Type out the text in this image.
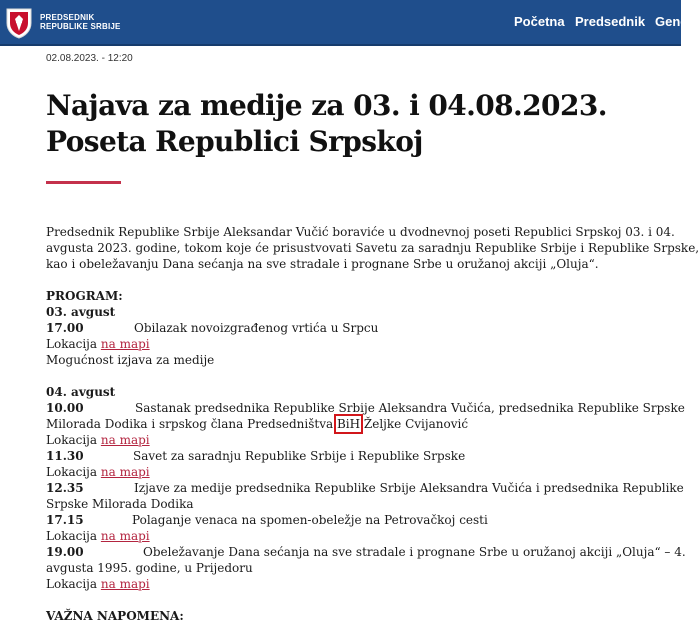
PREDSEDNIK
REPUBLIKE SRBIJE	Početna Predsednik Gene
02.08.2023. - 12:20
Najava za medije za 03. i 04.08.2023.
Poseta Republici Srpskoj
Predsednik Republike Srbije Aleksandar Vučić boraviće u dvodnevnoj poseti Republici Srpskoj 03. i 04.
avgusta 2023. godine, tokom koje će prisustvovati Savetu za saradnju Republike Srbije i Republike Srpske,
kao i obeležavanju Dana sećanja na sve stradale i prognane Srbe u oružanoj akciji „Oluja“.
PROGRAM:
03. avgust
17.00	Obilazak novoizgrađenog vrtića u Srpcu
Lokacija na mapi
Mogućnost izjava za medije
04. avgust
10.00	Sastanak predsednika Republike Srbije Aleksandra Vučića, predsednika Republike Srpske
Milorada Dodika i srpskog člana Predsedništva BiH Željke Cvijanović
Lokacija na mapi
11.30	Savet za saradnju Republike Srbije i Republike Srpske
Lokacija na mapi
12.35	Izjave za medije predsednika Republike Srbije Aleksandra Vučića i predsednika Republike
Srpske Milorada Dodika
17.15	Polaganje venaca na spomen-obeležje na Petrovačkoj cesti
Lokacija na mapi
19.00	Obeležavanje Dana sećanja na sve stradale i prognane Srbe u oružanoj akciji „Oluja“ – 4.
avgusta 1995. godine, u Prijedoru
Lokacija na mapi
VAŽNA NAPOMENA:
